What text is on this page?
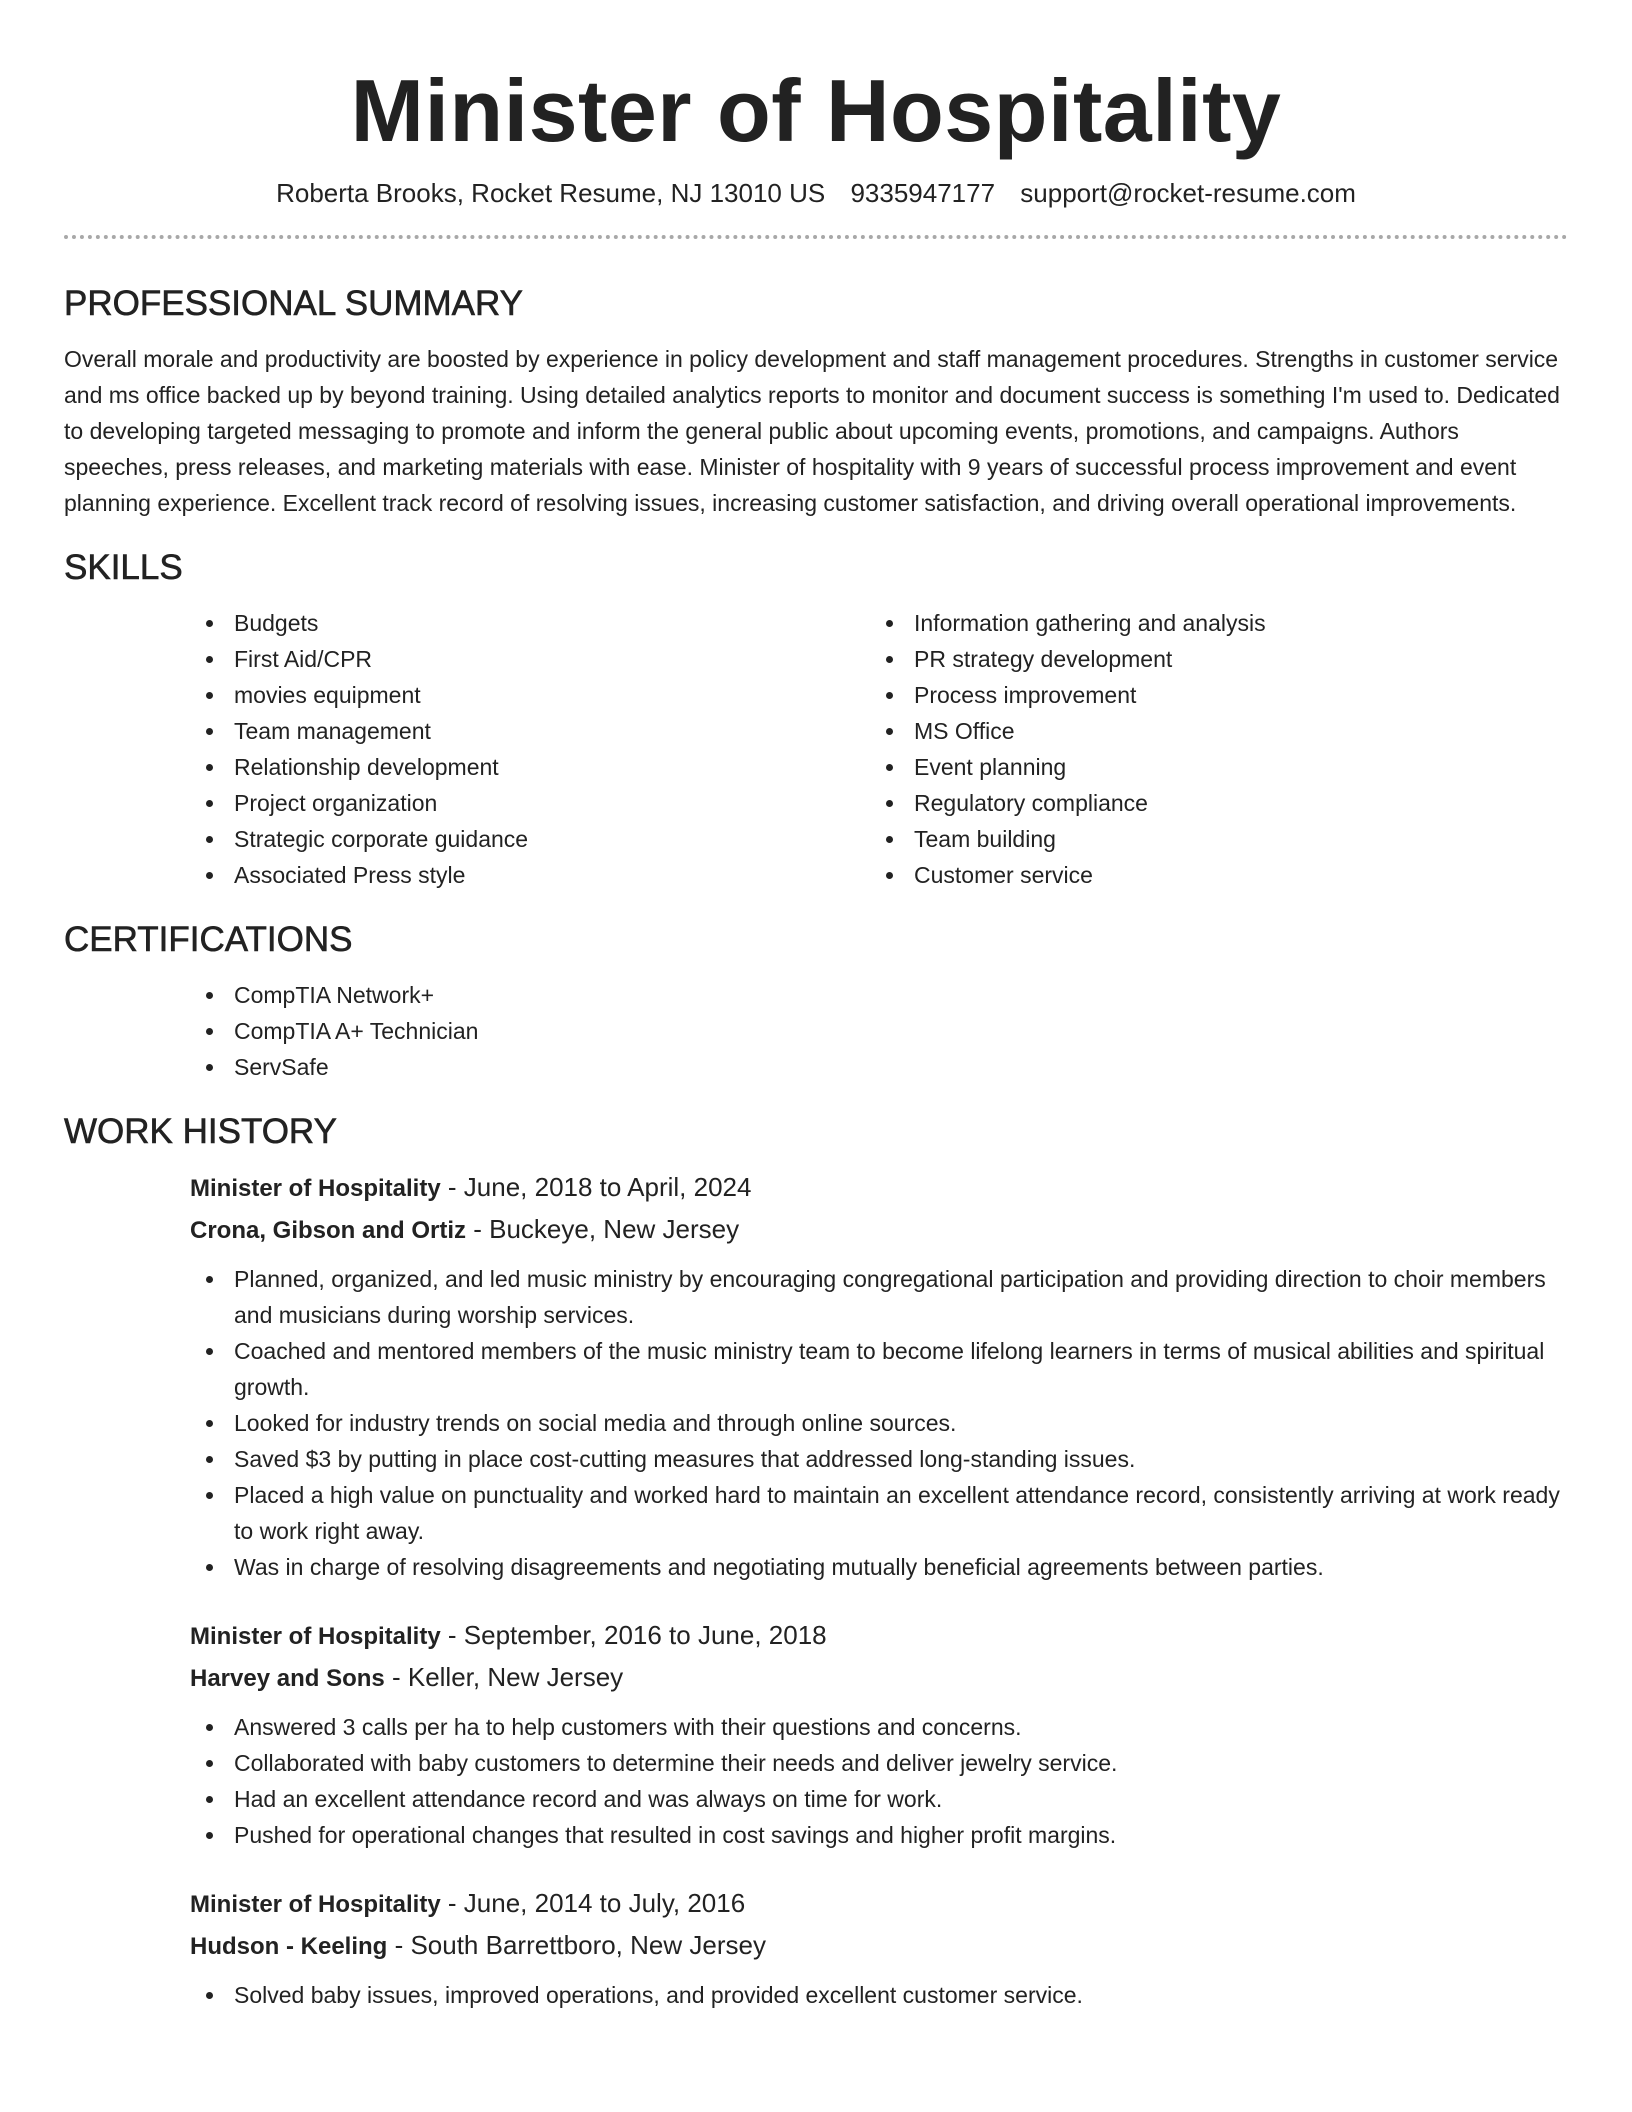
Minister of Hospitality
Roberta Brooks, Rocket Resume, NJ 13010 US 9335947177 support@rocket-resume.com
PROFESSIONAL SUMMARY

Overall morale and productivity are boosted by experience in policy development and staff management procedures. Strengths in customer service and ms office backed up by beyond training. Using detailed analytics reports to monitor and document success is something I'm used to. Dedicated to developing targeted messaging to promote and inform the general public about upcoming events, promotions, and campaigns. Authors speeches, press releases, and marketing materials with ease. Minister of hospitality with 9 years of successful process improvement and event planning experience. Excellent track record of resolving issues, increasing customer satisfaction, and driving overall operational improvements.

SKILLS
Budgets
First Aid/CPR
movies equipment
Team management
Relationship development
Project organization
Strategic corporate guidance
Associated Press style
Information gathering and analysis
PR strategy development
Process improvement
MS Office
Event planning
Regulatory compliance
Team building
Customer service
CERTIFICATIONS
CompTIA Network+
CompTIA A+ Technician
ServSafe
WORK HISTORY
Minister of Hospitality - June, 2018 to April, 2024
Crona, Gibson and Ortiz - Buckeye, New Jersey
Planned, organized, and led music ministry by encouraging congregational participation and providing direction to choir members and musicians during worship services.
Coached and mentored members of the music ministry team to become lifelong learners in terms of musical abilities and spiritual growth.
Looked for industry trends on social media and through online sources.
Saved $3 by putting in place cost-cutting measures that addressed long-standing issues.
Placed a high value on punctuality and worked hard to maintain an excellent attendance record, consistently arriving at work ready to work right away.
Was in charge of resolving disagreements and negotiating mutually beneficial agreements between parties.
Minister of Hospitality - September, 2016 to June, 2018
Harvey and Sons - Keller, New Jersey
Answered 3 calls per ha to help customers with their questions and concerns.
Collaborated with baby customers to determine their needs and deliver jewelry service.
Had an excellent attendance record and was always on time for work.
Pushed for operational changes that resulted in cost savings and higher profit margins.
Minister of Hospitality - June, 2014 to July, 2016
Hudson - Keeling - South Barrettboro, New Jersey
Solved baby issues, improved operations, and provided excellent customer service.
